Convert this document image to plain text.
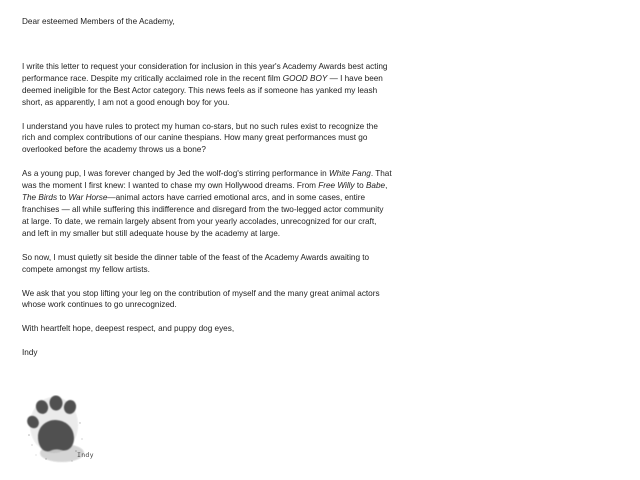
Dear esteemed Members of the Academy,

I write this letter to request your consideration for inclusion in this year's Academy Awards best acting performance race. Despite my critically acclaimed role in the recent film GOOD BOY — I have been deemed ineligible for the Best Actor category. This news feels as if someone has yanked my leash short, as apparently, I am not a good enough boy for you.

I understand you have rules to protect my human co-stars, but no such rules exist to recognize the rich and complex contributions of our canine thespians. How many great performances must go overlooked before the academy throws us a bone?

As a young pup, I was forever changed by Jed the wolf-dog's stirring performance in White Fang. That was the moment I first knew: I wanted to chase my own Hollywood dreams. From Free Willy to Babe, The Birds to War Horse—animal actors have carried emotional arcs, and in some cases, entire franchises — all while suffering this indifference and disregard from the two-legged actor community at large. To date, we remain largely absent from your yearly accolades, unrecognized for our craft, and left in my smaller but still adequate house by the academy at large.

So now, I must quietly sit beside the dinner table of the feast of the Academy Awards awaiting to compete amongst my fellow artists.

We ask that you stop lifting your leg on the contribution of myself and the many great animal actors whose work continues to go unrecognized.

With heartfelt hope, deepest respect, and puppy dog eyes,

Indy

Indy
